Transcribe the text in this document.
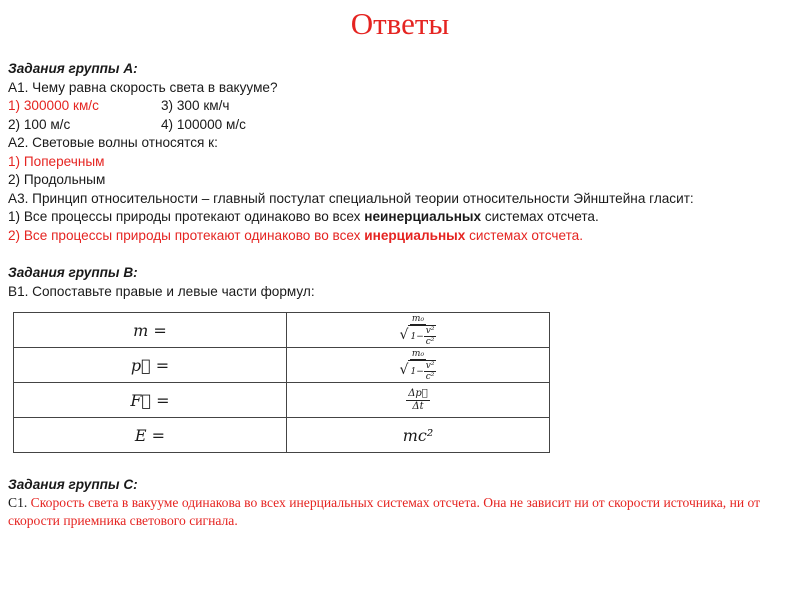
Ответы
Задания группы А:
А1. Чему равна скорость света в вакууме?
1) 300000 км/с	3) 300 км/ч
2) 100 м/с	4) 100000 м/с
А2. Световые волны относятся к:
1) Поперечным
2) Продольным
А3. Принцип относительности – главный постулат специальной теории относительности Эйнштейна гласит:
1) Все процессы природы протекают одинаково во всех неинерциальных системах отсчета.
2) Все процессы природы протекают одинаково во всех инерциальных системах отсчета.
Задания группы В:
В1. Сопоставьте правые и левые части формул:
m =	$\frac{\text{m₀}}{√ 1- \frac{\text{v²}}{\text{c²}}}$

p⃗ =	$\frac{\text{m₀}}{√ 1- \frac{\text{v²}}{\text{c²}}}$

F⃗ =	$\frac{\Delta p⃗}{\Delta t}$

E =	mc²
Задания группы С:
С1. Скорость света в вакууме одинакова во всех инерциальных системах отсчета. Она не зависит ни от скорости источника, ни от скорости приемника светового сигнала.
